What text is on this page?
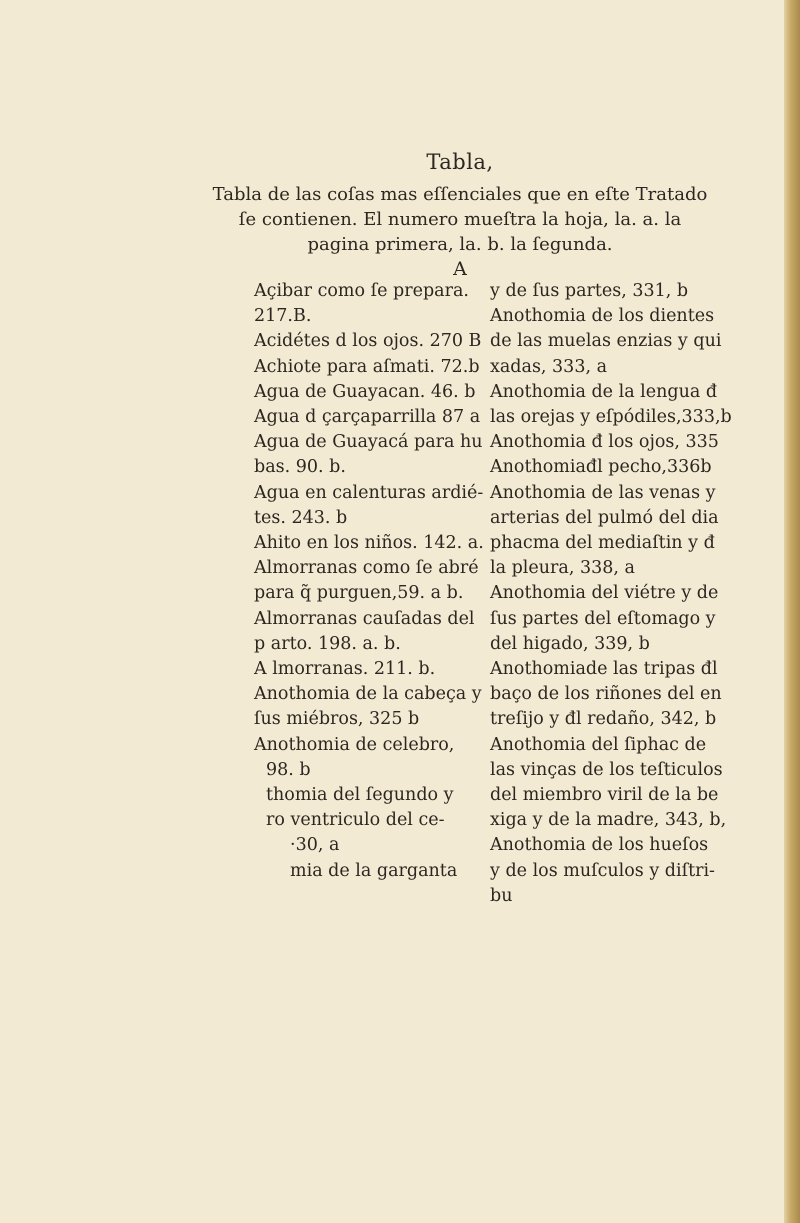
Tabla,
Tabla de las coſas mas eſſenciales que en eſte Tratado
ſe contienen. El numero mueſtra la hoja, la. a. la
pagina primera, la. b. la ſegunda.
A
Açibar como ſe prepara.
217.B.
Acidétes d los ojos. 270 B
Achiote para aſmati. 72.b
Agua de Guayacan. 46. b
Agua d çarçaparrilla 87 a
Agua de Guayacá para hu
bas. 90. b.
Agua en calenturas ardié-
tes. 243. b
Ahito en los niños. 142. a.
Almorranas como ſe abré
para q̃ purguen,59. a b.
Almorranas cauſadas del
p arto. 198. a. b.
A lmorranas. 211. b.
Anothomia de la cabeça y
ſus miébros, 325 b
Anothomia de celebro,
98. b
thomia del ſegundo y
ro ventriculo del ce-
·30, a
mia de la garganta
y de ſus partes, 331, b
Anothomia de los dientes
de las muelas enzias y qui
xadas, 333, a
Anothomia de la lengua đ
las orejas y eſpódiles,333,b
Anothomia đ los ojos, 335
Anothomiađl pecho,336b
Anothomia de las venas y
arterias del pulmó del dia
phacma del mediaſtin y đ
la pleura, 338, a
Anothomia del viétre y de
ſus partes del eſtomago y
del higado, 339, b
Anothomiade las tripas đl
baço de los riñones del en
treſijo y đl redaño, 342, b
Anothomia del ſiphac de
las vinças de los teſticulos
del miembro viril de la be
xiga y de la madre, 343, b,
Anothomia de los hueſos
y de los muſculos y diſtri-
bu
